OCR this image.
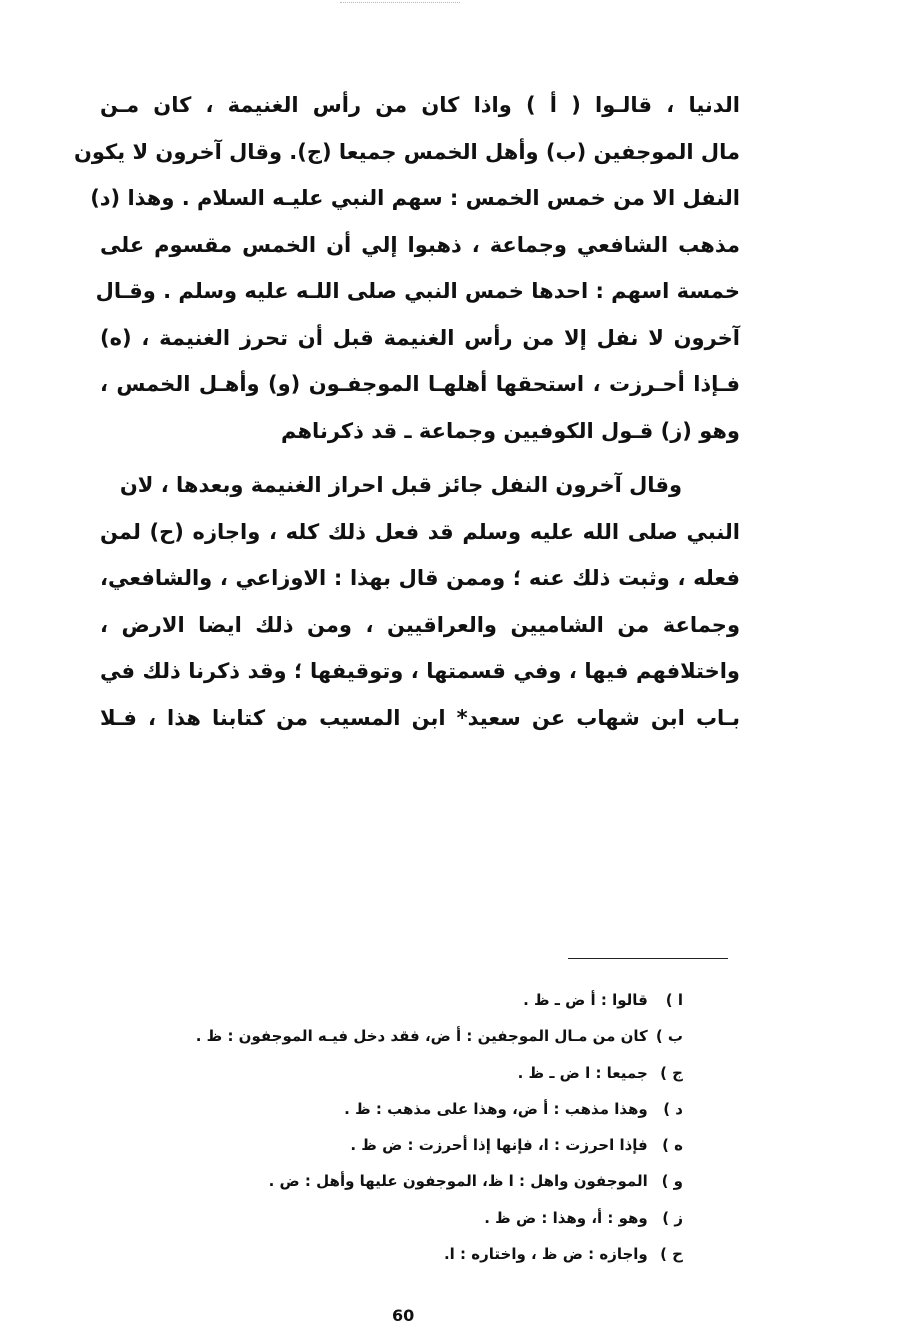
الدنيا ، قالـوا ( أ ) واذا كان من رأس الغنيمة ، كان مـن
مال الموجفين (ب) وأهل الخمس جميعا (ج). وقال آخرون لا يكون
النفل الا من خمس الخمس : سهم النبي عليـه السلام . وهذا (د)
مذهب الشافعي وجماعة ، ذهبوا إلي أن الخمس مقسوم على
خمسة اسهم : احدها خمس النبي صلى اللـه عليه وسلم . وقـال
آخرون لا نفل إلا من رأس الغنيمة قبل أن تحرز الغنيمة ، (ه)
فـإذا أحـرزت ، استحقها أهلهـا الموجفـون (و) وأهـل الخمس ،
وهو (ز) قـول الكوفيين وجماعة ـ قد ذكرناهم

وقال آخرون النفل جائز قبل احراز الغنيمة وبعدها ، لان
النبي صلى الله عليه وسلم قد فعل ذلك كله ، واجازه (ح) لمن
فعله ، وثبت ذلك عنه ؛ وممن قال بهذا : الاوزاعي ، والشافعي،
وجماعة من الشاميين والعراقيين ، ومن ذلك ايضا الارض ،
واختلافهم فيها ، وفي قسمتها ، وتوقيفها ؛ وقد ذكرنا ذلك في
بـاب ابن شهاب عن سعيد* ابن المسيب من كتابنا هذا ، فـلا

ا ) قالوا : أ ض ـ ظ .
ب ) كان من مـال الموجفين : أ ض، فقد دخل فيـه الموجفون : ظ .
ج ) جميعا : ا ض ـ ظ .
د ) وهذا مذهب : أ ض، وهذا على مذهب : ظ .
ه ) فإذا احرزت : ا، فإنها إذا أحرزت : ض ظ .
و ) الموجفون واهل : ا ظ، الموجفون عليها وأهل : ض .
ز ) وهو : أ، وهذا : ض ظ .
ح ) واجازه : ض ظ ، واختاره : ا.
60
